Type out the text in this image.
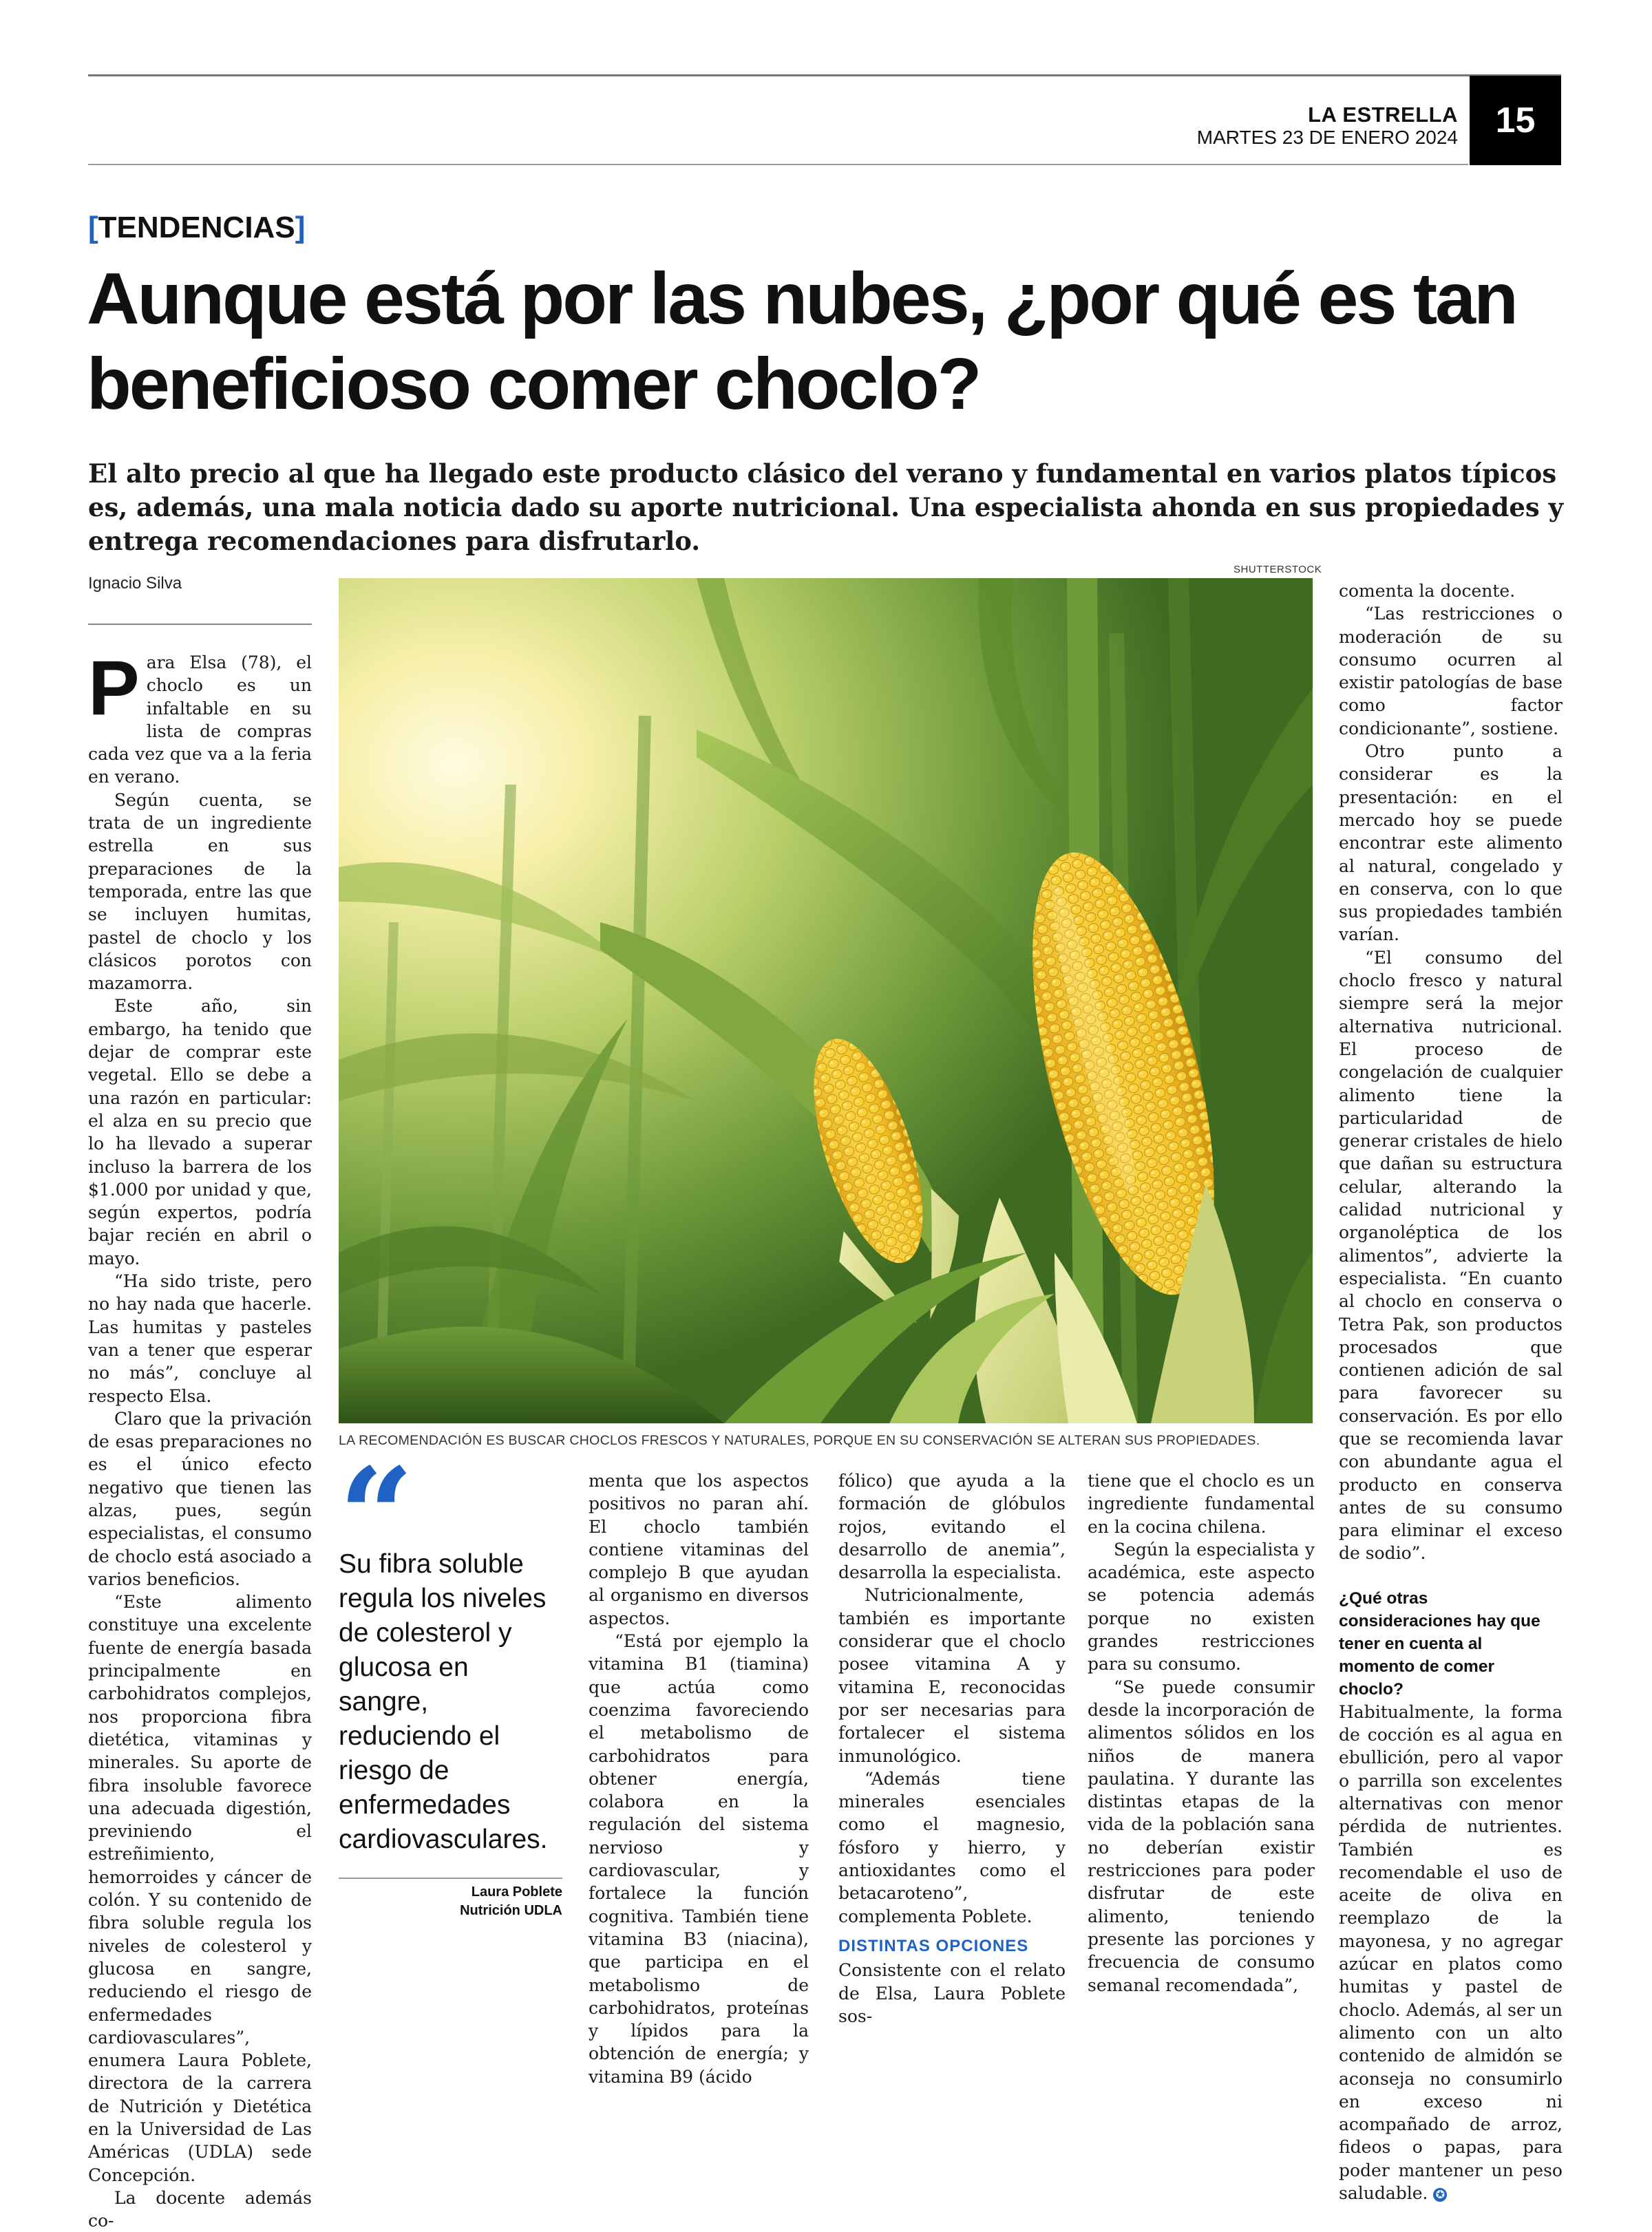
LA ESTRELLA
MARTES 23 DE ENERO 2024	15
[TENDENCIAS]
Aunque está por las nubes, ¿por qué es tan beneficioso comer choclo?

El alto precio al que ha llegado este producto clásico del verano y fundamental en varios platos típicos es, además, una mala noticia dado su aporte nutricional. Una especialista ahonda en sus propiedades y entrega recomendaciones para disfrutarlo.

Ignacio Silva
SHUTTERSTOCK
LA RECOMENDACIÓN ES BUSCAR CHOCLOS FRESCOS Y NATURALES, PORQUE EN SU CONSERVACIÓN SE ALTERAN SUS PROPIEDADES.

Para Elsa (78), el choclo es un infaltable en su lista de compras cada vez que va a la feria en verano.

Según cuenta, se trata de un ingrediente estrella en sus preparaciones de la temporada, entre las que se incluyen humitas, pastel de choclo y los clásicos porotos con mazamorra.

Este año, sin embargo, ha tenido que dejar de comprar este vegetal. Ello se debe a una razón en particular: el alza en su precio que lo ha llevado a superar incluso la barrera de los $1.000 por unidad y que, según expertos, podría bajar recién en abril o mayo.

“Ha sido triste, pero no hay nada que hacerle. Las humitas y pasteles van a tener que esperar no más”, concluye al respecto Elsa.

Claro que la privación de esas preparaciones no es el único efecto negativo que tienen las alzas, pues, según especialistas, el consumo de choclo está asociado a varios beneficios.

“Este alimento constituye una excelente fuente de energía basada principalmente en carbohidratos complejos, nos proporciona fibra dietética, vitaminas y minerales. Su aporte de fibra insoluble favorece una adecuada digestión, previniendo el estreñimiento, hemorroides y cáncer de colón. Y su contenido de fibra soluble regula los niveles de colesterol y glucosa en sangre, reduciendo el riesgo de enfermedades cardiovasculares”, enumera Laura Poblete, directora de la carrera de Nutrición y Dietética en la Universidad de Las Américas (UDLA) sede Concepción.

La docente además co-

Su fibra soluble regula los niveles de colesterol y glucosa en sangre, reduciendo el riesgo de enfermedades cardiovasculares.
Laura Poblete
Nutrición UDLA

menta que los aspectos positivos no paran ahí. El choclo también contiene vitaminas del complejo B que ayudan al organismo en diversos aspectos.

“Está por ejemplo la vitamina B1 (tiamina) que actúa como coenzima favoreciendo el metabolismo de carbohidratos para obtener energía, colabora en la regulación del sistema nervioso y cardiovascular, y fortalece la función cognitiva. También tiene vitamina B3 (niacina), que participa en el metabolismo de carbohidratos, proteínas y lípidos para la obtención de energía; y vitamina B9 (ácido

fólico) que ayuda a la formación de glóbulos rojos, evitando el desarrollo de anemia”, desarrolla la especialista.

Nutricionalmente, también es importante considerar que el choclo posee vitamina A y vitamina E, reconocidas por ser necesarias para fortalecer el sistema inmunológico.

“Además tiene minerales esenciales como el magnesio, fósforo y hierro, y antioxidantes como el betacaroteno”, complementa Poblete.

DISTINTAS OPCIONES

Consistente con el relato de Elsa, Laura Poblete sos-

tiene que el choclo es un ingrediente fundamental en la cocina chilena.

Según la especialista y académica, este aspecto se potencia además porque no existen grandes restricciones para su consumo.

“Se puede consumir desde la incorporación de alimentos sólidos en los niños de manera paulatina. Y durante las distintas etapas de la vida de la población sana no deberían existir restricciones para poder disfrutar de este alimento, teniendo presente las porciones y frecuencia de consumo semanal recomendada”,

comenta la docente.

“Las restricciones o moderación de su consumo ocurren al existir patologías de base como factor condicionante”, sostiene.

Otro punto a considerar es la presentación: en el mercado hoy se puede encontrar este alimento al natural, congelado y en conserva, con lo que sus propiedades también varían.

“El consumo del choclo fresco y natural siempre será la mejor alternativa nutricional. El proceso de congelación de cualquier alimento tiene la particularidad de generar cristales de hielo que dañan su estructura celular, alterando la calidad nutricional y organoléptica de los alimentos”, advierte la especialista. “En cuanto al choclo en conserva o Tetra Pak, son productos procesados que contienen adición de sal para favorecer su conservación. Es por ello que se recomienda lavar con abundante agua el producto en conserva antes de su consumo para eliminar el exceso de sodio”.

¿Qué otras consideraciones hay que tener en cuenta al momento de comer choclo?

Habitualmente, la forma de cocción es al agua en ebullición, pero al vapor o parrilla son excelentes alternativas con menor pérdida de nutrientes. También es recomendable el uso de aceite de oliva en reemplazo de la mayonesa, y no agregar azúcar en platos como humitas y pastel de choclo. Además, al ser un alimento con un alto contenido de almidón se aconseja no consumirlo en exceso ni acompañado de arroz, fideos o papas, para poder mantener un peso saludable. ✪
